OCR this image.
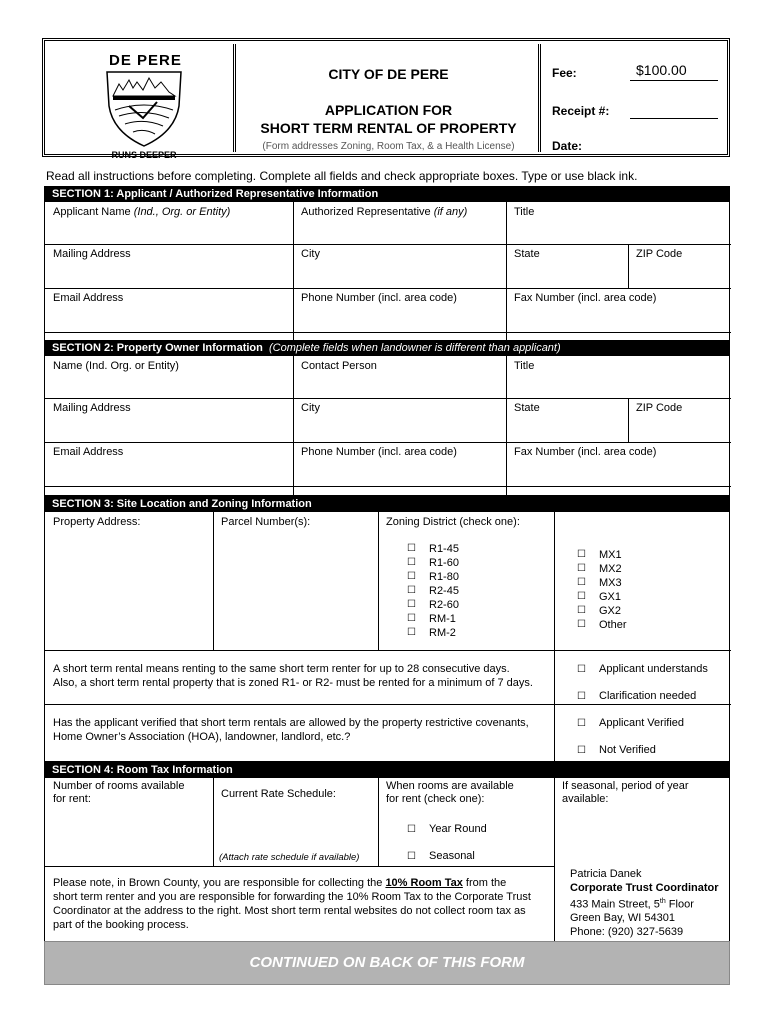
DE PERE
RUNS DEEPER
CITY OF DE PERE
APPLICATION FOR
SHORT TERM RENTAL OF PROPERTY
(Form addresses Zoning, Room Tax, & a Health License)
Fee:	$100.00
Receipt #:
Date:
Read all instructions before completing. Complete all fields and check appropriate boxes. Type or use black ink.
SECTION 1: Applicant / Authorized Representative Information
Applicant Name (Ind., Org. or Entity)	Authorized Representative (if any)	Title
Mailing Address	City	State	ZIP Code
Email Address	Phone Number (incl. area code)	Fax Number (incl. area code)
SECTION 2: Property Owner Information (Complete fields when landowner is different than applicant)
Name (Ind. Org. or Entity)	Contact Person	Title
Mailing Address	City	State	ZIP Code
Email Address	Phone Number (incl. area code)	Fax Number (incl. area code)
SECTION 3: Site Location and Zoning Information
Property Address:	Parcel Number(s):	Zoning District (check one):
☐	R1-45
☐	R1-60
☐	R1-80
☐	R2-45
☐	R2-60
☐	RM-1
☐	RM-2
☐	MX1
☐	MX2
☐	MX3
☐	GX1
☐	GX2
☐	Other
A short term rental means renting to the same short term renter for up to 28 consecutive days.
Also, a short term rental property that is zoned R1- or R2- must be rented for a minimum of 7 days.
☐	Applicant understands
☐	Clarification needed
Has the applicant verified that short term rentals are allowed by the property restrictive covenants,
Home Owner’s Association (HOA), landowner, landlord, etc.?
☐	Applicant Verified
☐	Not Verified
SECTION 4: Room Tax Information
Number of rooms available
for rent:	Current Rate Schedule:
(Attach rate schedule if available)
When rooms are available
for rent (check one):
☐	Year Round
☐	Seasonal
If seasonal, period of year
available:
Please note, in Brown County, you are responsible for collecting the 10% Room Tax from the
short term renter and you are responsible for forwarding the 10% Room Tax to the Corporate Trust
Coordinator at the address to the right. Most short term rental websites do not collect room tax as
part of the booking process.
Patricia Danek
Corporate Trust Coordinator
433 Main Street, 5th Floor
Green Bay, WI 54301
Phone: (920) 327-5639
CONTINUED ON BACK OF THIS FORM
